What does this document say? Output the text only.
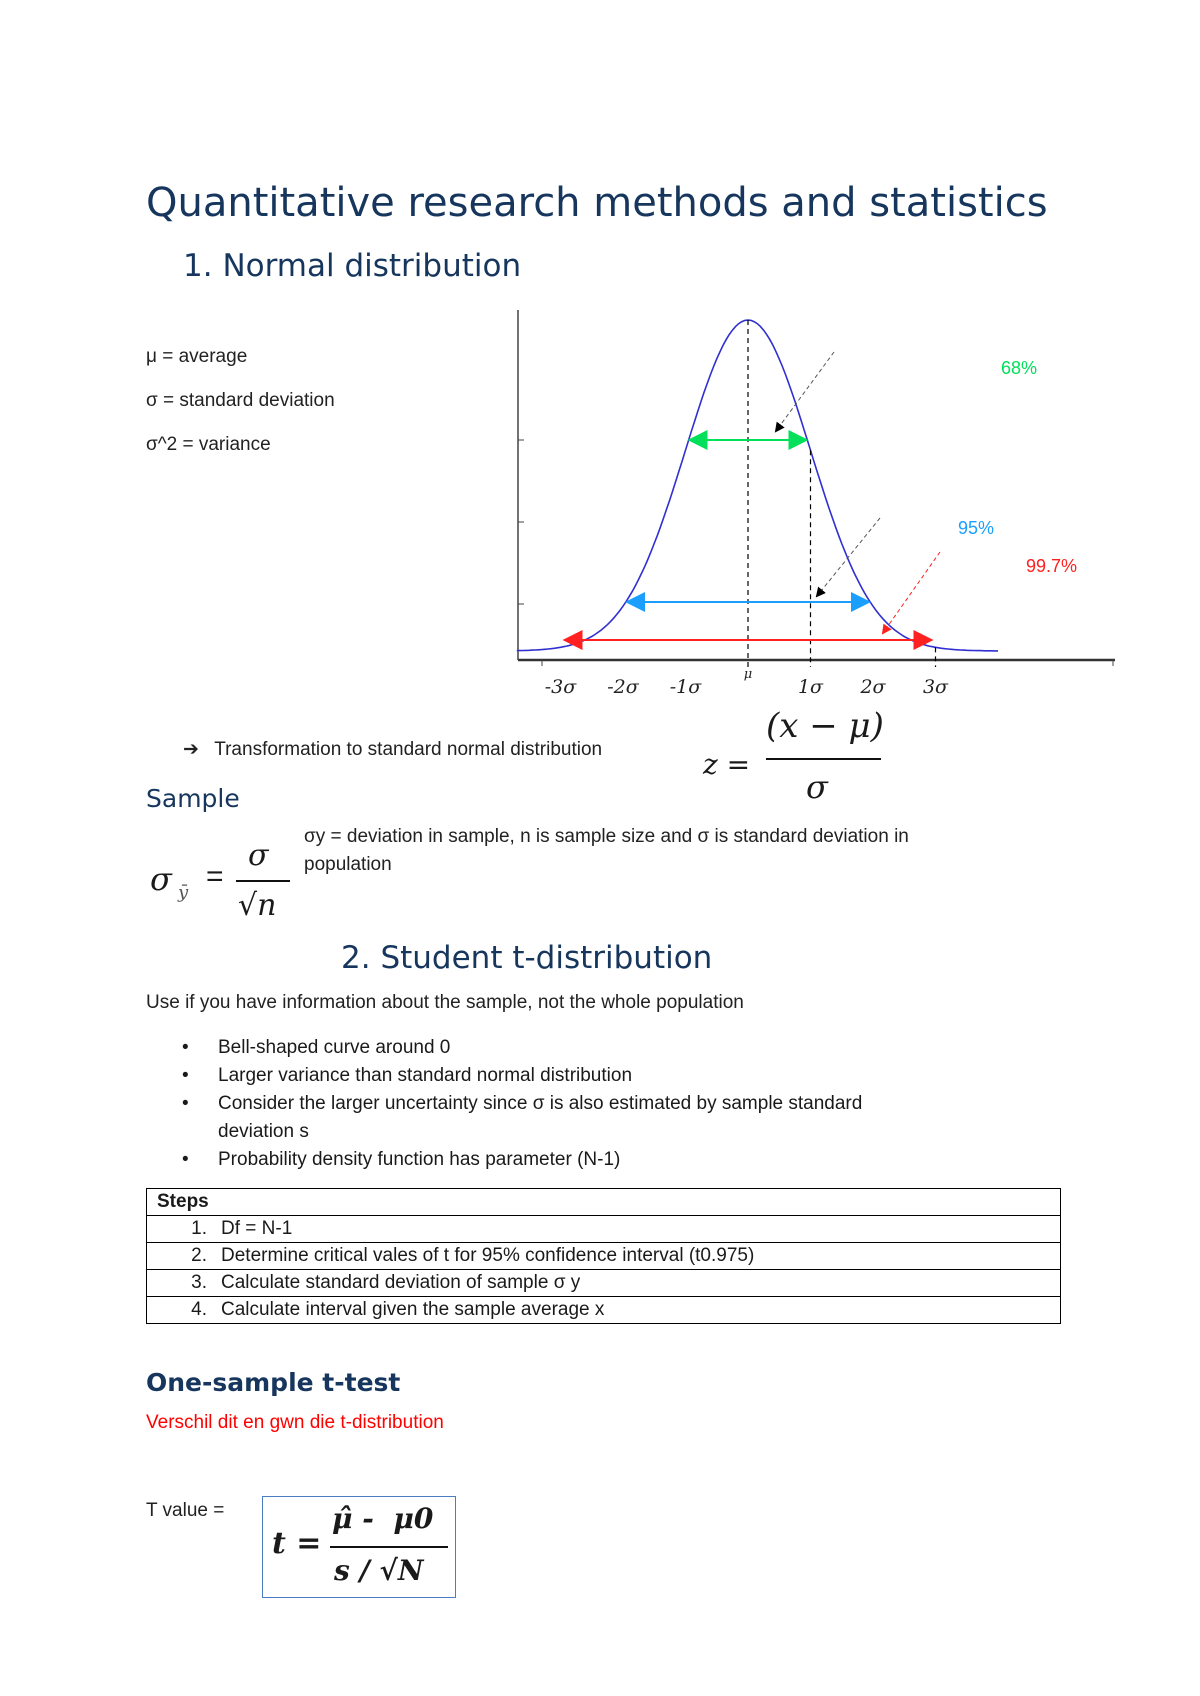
Quantitative research methods and statistics
1. Normal distribution
μ = average
σ = standard deviation
σ^2 = variance
-3σ -2σ -1σ
μ
1σ 2σ 3σ
68%
95%
99.7%
➔ Transformation to standard normal distribution	z =
(x − μ)
σ
Sample
σ ȳ =
σ
√n
σy = deviation in sample, n is sample size and σ is standard deviation in
population
2. Student t-distribution
Use if you have information about the sample, not the whole population
• Bell-shaped curve around 0
• Larger variance than standard normal distribution
• Consider the larger uncertainty since σ is also estimated by sample standard
deviation s
• Probability density function has parameter (N-1)
Steps
1. Df = N-1
2. Determine critical vales of t for 95% confidence interval (t0.975)
3. Calculate standard deviation of sample σ y
4. Calculate interval given the sample average x
One-sample t-test
Verschil dit en gwn die t-distribution
T value =
t =
μ̂ -  μ0
s / √N
